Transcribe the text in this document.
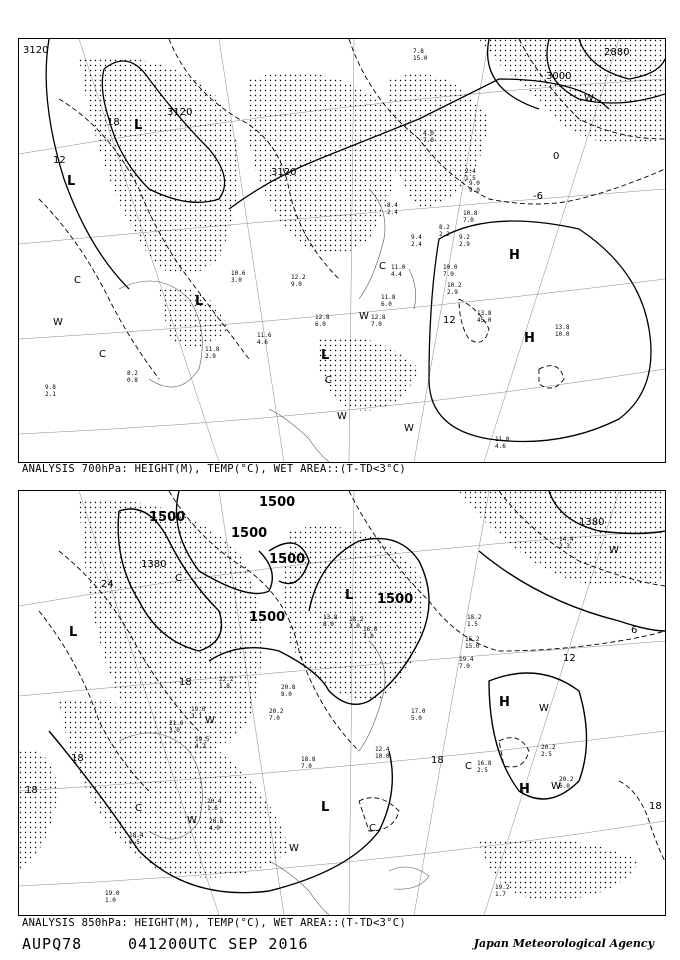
3120
3120
3120
2880
3000
18
12
12
0
-6
H
H
L
L
L
L
C
C
C
C
W
W
W
W
W
10.8
7.0
8.2
2.2
13.8
45.0
11.8
6.0
12.8
7.0
12.8
6.0
10.0
7.0
11.0
4.4
10.2
2.9
9.2
2.9
11.0
4.6
13.8
10.0
11.8
2.9
8.2
0.8
9.8
2.1
12.2
9.0
4.0
7.0
2.4
1.5
9.0
9.0
10.6
3.0
8.4
2.4
11.6
4.6
7.8
15.0
9.4
2.4
ANALYSIS 700hPa: HEIGHT(M), TEMP(°C), WET AREA::(T-TD<3°C)
1500
1500
1500
1500
1500
1500
1380
1380
24
18
18
18
18
12
6
18
H
H
L
L
L
C
C
C
C
W
W
W
W
W
W
20.2
6.0
20.2
2.5
16.8
2.5
19.2
1.7
19.0
1.0
18.4
0.5
20.4
1.6
20.2
7.0
18.8
7.0
19.4
7.0
16.2
15.0
13.8
8.0
18.2
1.5
20.8
8.0
19.0
3.1
21.0
3.0
22.2
1.8
17.0
5.0
19.5
4.2	12.4
10.0
16.0
7.0
20.6
4.0
14.4
2.3
18.2
3.0
ANALYSIS 850hPa: HEIGHT(M), TEMP(°C), WET AREA::(T-TD<3°C)
AUPQ78	041200UTC SEP 2016	Japan Meteorological Agency
